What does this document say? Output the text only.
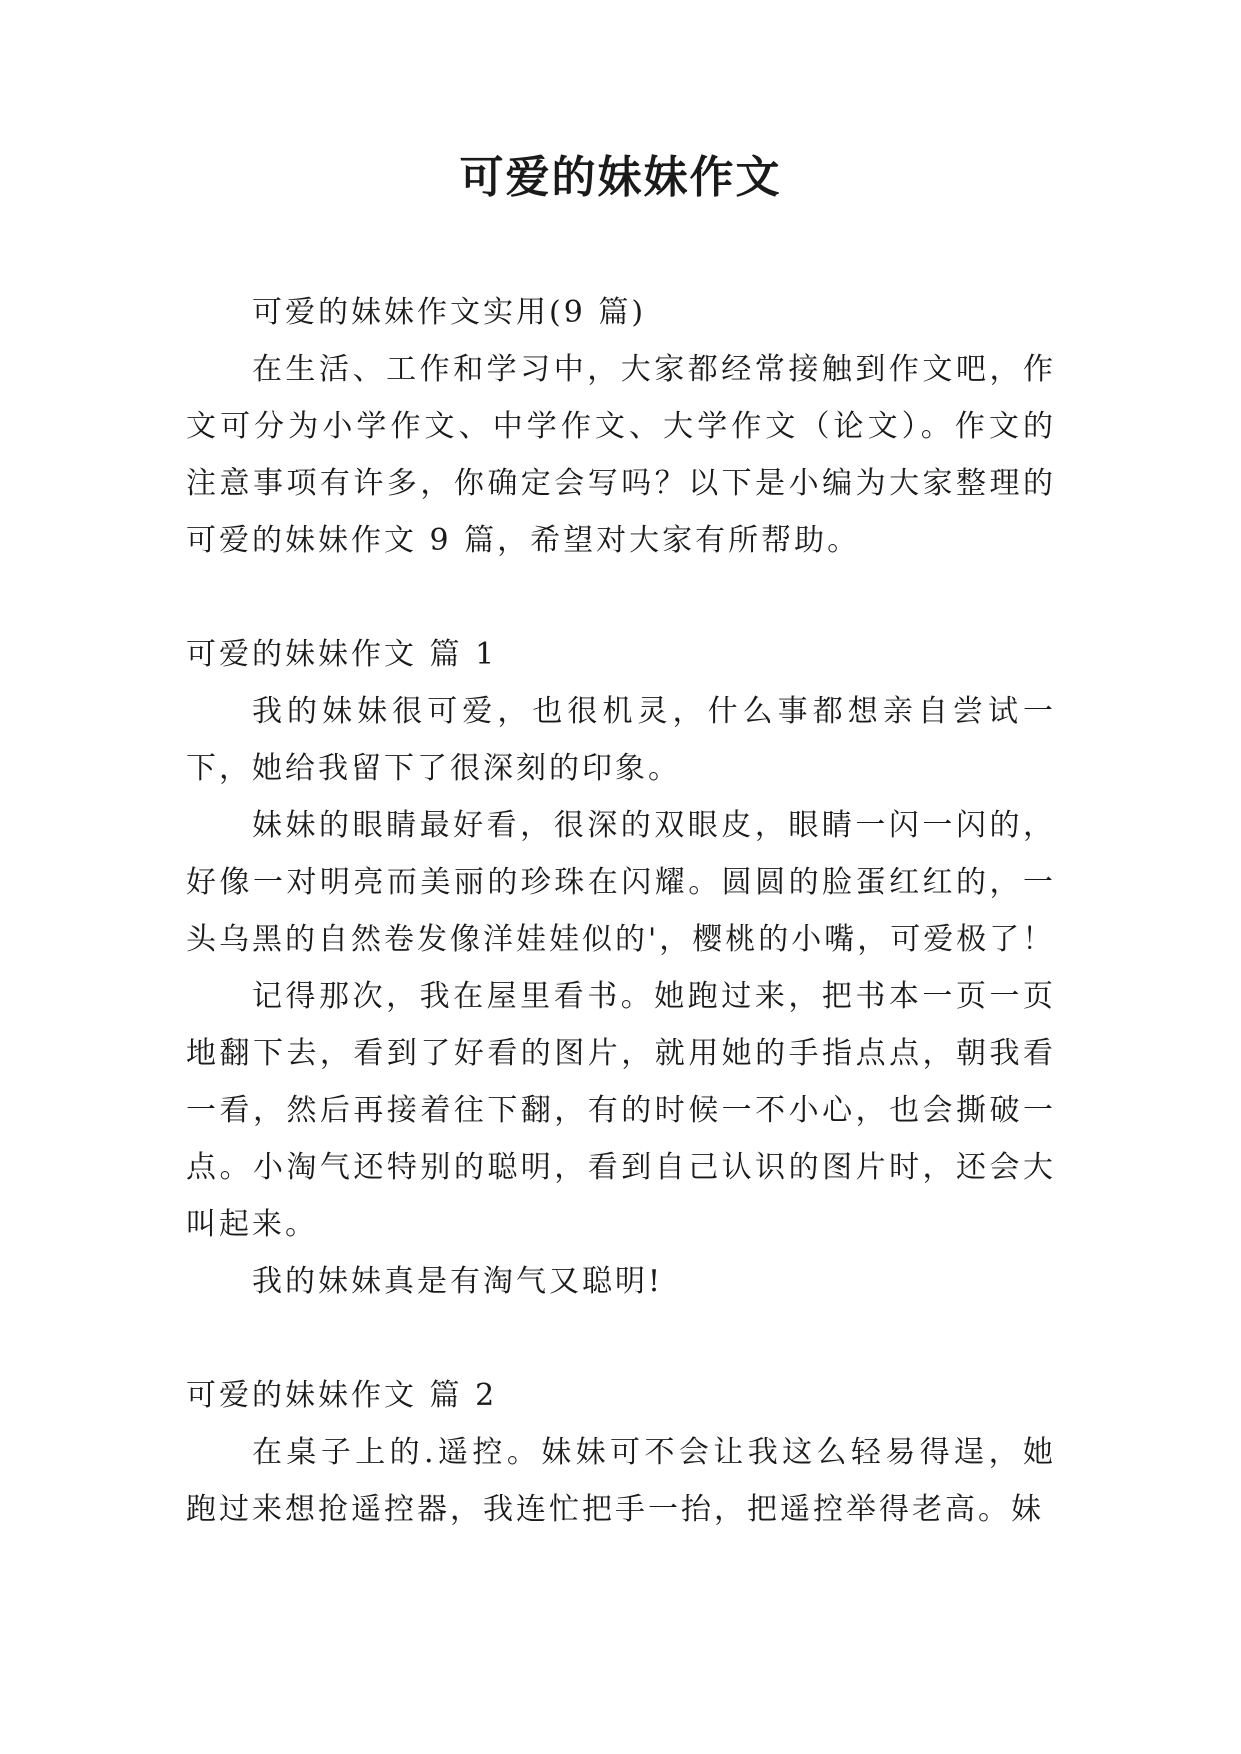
可爱的妹妹作文

可爱的妹妹作文实用(9 篇)

在生活、工作和学习中，大家都经常接触到作文吧，作文可分为小学作文、中学作文、大学作文（论文）。作文的注意事项有许多，你确定会写吗？以下是小编为大家整理的可爱的妹妹作文 9 篇，希望对大家有所帮助。

可爱的妹妹作文 篇 1

我的妹妹很可爱，也很机灵，什么事都想亲自尝试一下，她给我留下了很深刻的印象。

妹妹的眼睛最好看，很深的双眼皮，眼睛一闪一闪的，好像一对明亮而美丽的珍珠在闪耀。圆圆的脸蛋红红的，一头乌黑的自然卷发像洋娃娃似的'，樱桃的小嘴，可爱极了！

记得那次，我在屋里看书。她跑过来，把书本一页一页地翻下去，看到了好看的图片，就用她的手指点点，朝我看一看，然后再接着往下翻，有的时候一不小心，也会撕破一点。小淘气还特别的聪明，看到自己认识的图片时，还会大叫起来。

我的妹妹真是有淘气又聪明!

可爱的妹妹作文 篇 2

在桌子上的.遥控。妹妹可不会让我这么轻易得逞，她跑过来想抢遥控器，我连忙把手一抬，把遥控举得老高。妹
